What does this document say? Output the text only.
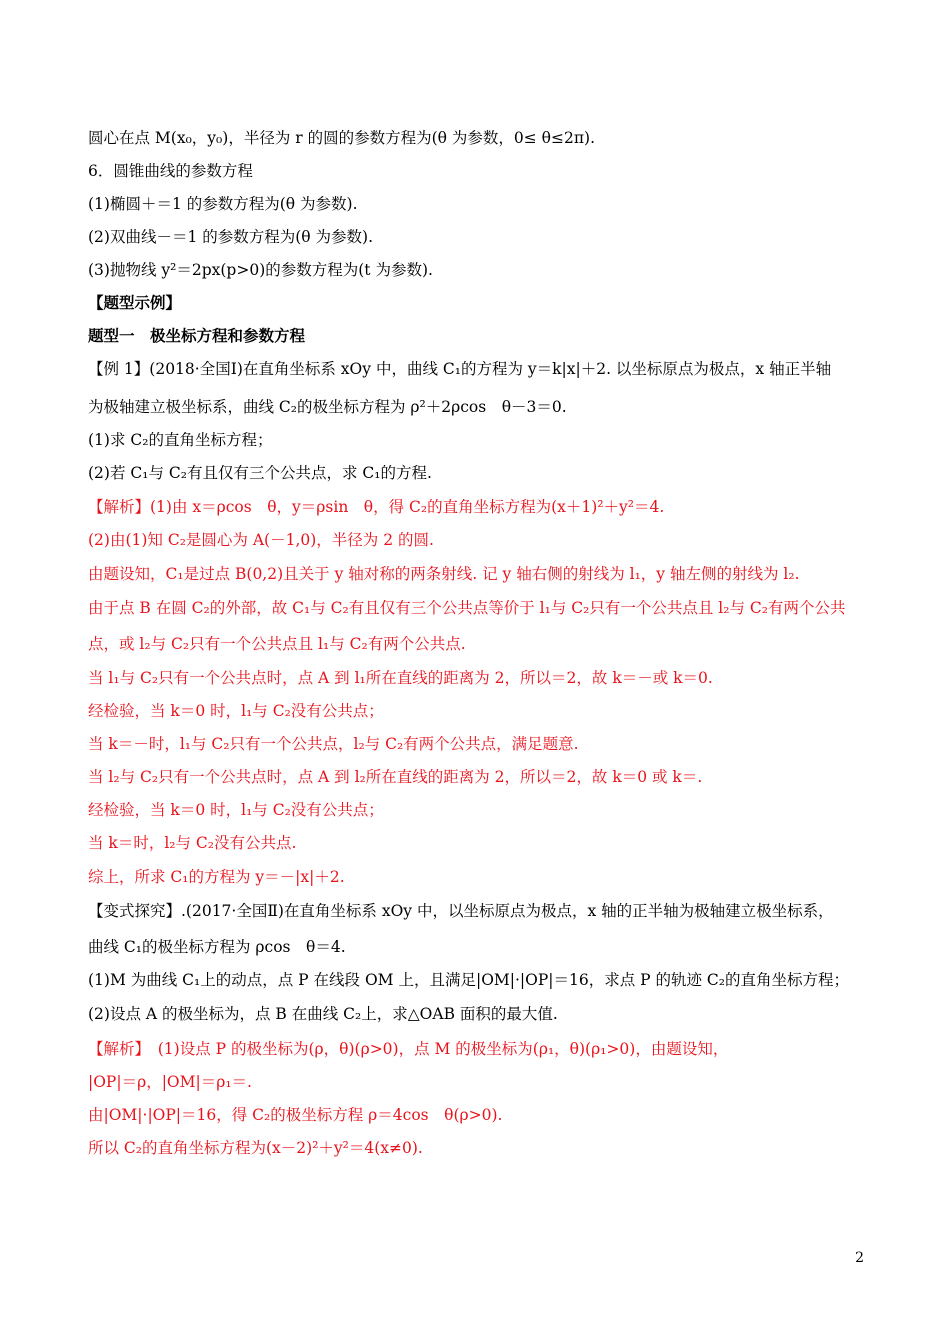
圆心在点 M(x₀，y₀)，半径为 r 的圆的参数方程为(θ 为参数，0≤ θ≤2π).
6．圆锥曲线的参数方程
(1)椭圆＋＝1 的参数方程为(θ 为参数).
(2)双曲线－＝1 的参数方程为(θ 为参数).
(3)抛物线 y²＝2px(p>0)的参数方程为(t 为参数).
【题型示例】
题型一　极坐标方程和参数方程
【例 1】(2018·全国Ⅰ)在直角坐标系 xOy 中，曲线 C₁的方程为 y＝k|x|＋2. 以坐标原点为极点，x 轴正半轴
为极轴建立极坐标系，曲线 C₂的极坐标方程为 ρ²＋2ρcos　θ－3＝0.
(1)求 C₂的直角坐标方程；
(2)若 C₁与 C₂有且仅有三个公共点，求 C₁的方程.
【解析】(1)由 x＝ρcos　θ，y＝ρsin　θ，得 C₂的直角坐标方程为(x＋1)²＋y²＝4.
(2)由(1)知 C₂是圆心为 A(－1,0)，半径为 2 的圆.
由题设知，C₁是过点 B(0,2)且关于 y 轴对称的两条射线. 记 y 轴右侧的射线为 l₁，y 轴左侧的射线为 l₂.
由于点 B 在圆 C₂的外部，故 C₁与 C₂有且仅有三个公共点等价于 l₁与 C₂只有一个公共点且 l₂与 C₂有两个公共
点，或 l₂与 C₂只有一个公共点且 l₁与 C₂有两个公共点.
当 l₁与 C₂只有一个公共点时，点 A 到 l₁所在直线的距离为 2，所以＝2，故 k＝－或 k＝0.
经检验，当 k＝0 时，l₁与 C₂没有公共点；
当 k＝－时，l₁与 C₂只有一个公共点，l₂与 C₂有两个公共点，满足题意.
当 l₂与 C₂只有一个公共点时，点 A 到 l₂所在直线的距离为 2，所以＝2，故 k＝0 或 k＝.
经检验，当 k＝0 时，l₁与 C₂没有公共点；
当 k＝时，l₂与 C₂没有公共点.
综上，所求 C₁的方程为 y＝－|x|＋2.
【变式探究】.(2017·全国Ⅱ)在直角坐标系 xOy 中，以坐标原点为极点，x 轴的正半轴为极轴建立极坐标系，
曲线 C₁的极坐标方程为 ρcos　θ＝4.
(1)M 为曲线 C₁上的动点，点 P 在线段 OM 上，且满足|OM|·|OP|＝16，求点 P 的轨迹 C₂的直角坐标方程；
(2)设点 A 的极坐标为，点 B 在曲线 C₂上，求△OAB 面积的最大值.
【解析】　(1)设点 P 的极坐标为(ρ，θ)(ρ>0)，点 M 的极坐标为(ρ₁，θ)(ρ₁>0)，由题设知，
|OP|＝ρ，|OM|＝ρ₁＝.
由|OM|·|OP|＝16，得 C₂的极坐标方程 ρ＝4cos　θ(ρ>0).
所以 C₂的直角坐标方程为(x－2)²＋y²＝4(x≠0).
2
